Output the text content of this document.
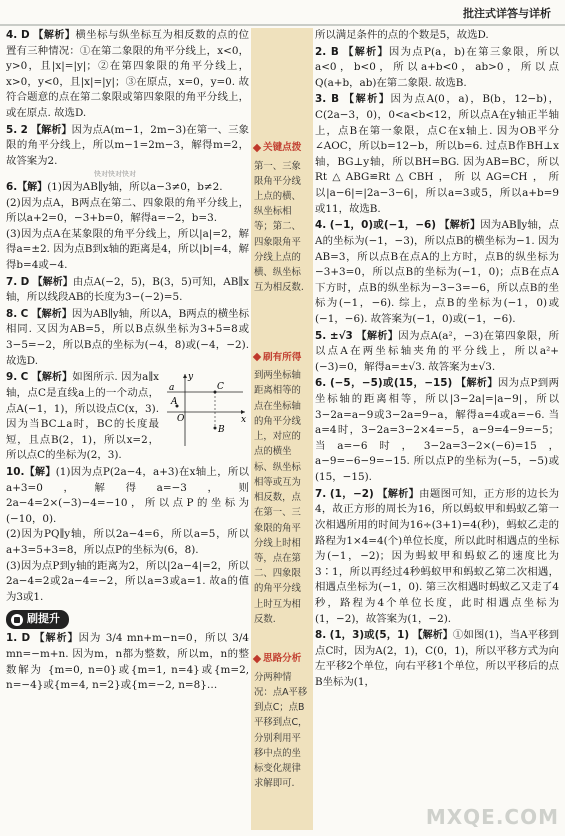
批注式详答与详析

4. D 【解析】横坐标与纵坐标互为相反数的点的位置有三种情况：①在第二象限的角平分线上，x<0，y>0，且|x|=|y|；②在第四象限的角平分线上，x>0，y<0，且|x|=|y|；③在原点，x=0，y=0. 故符合题意的点在第二象限或第四象限的角平分线上，或在原点. 故选D.

5. 2 【解析】因为点A(m−1，2m−3)在第一、三象限的角平分线上，所以m−1=2m−3，解得m=2，故答案为2.

快对快对快对

6.【解】(1)因为AB∥y轴，所以a−3≠0，b≠2.

(2)因为点A，B两点在第二、四象限的角平分线上，所以a+2=0，−3+b=0，解得a=−2，b=3.

(3)因为点A在某象限的角平分线上，所以|a|=2，解得a=±2. 因为点B到x轴的距离是4，所以|b|=4，解得b=4或−4.

7. D 【解析】由点A(−2，5)，B(3，5)可知，AB∥x轴，所以线段AB的长度为3−(−2)=5.

8. C 【解析】因为AB∥y轴，所以A，B两点的横坐标相同. 又因为AB=5，所以B点纵坐标为3+5=8或3−5=−2，所以B点的坐标为(−4，8)或(−4，−2). 故选D.

a	C
A
B
O	x
y

9. C 【解析】如图所示. 因为a∥x轴，点C是直线a上的一个动点，点A(−1，1)，所以设点C(x，3). 因为当BC⊥a时，BC的长度最短，且点B(2，1)，所以x=2，所以点C的坐标为(2，3).

10.【解】(1)因为点P(2a−4，a+3)在x轴上，所以a+3=0，解得a=−3，则2a−4=2×(−3)−4=−10，所以点P的坐标为(−10，0).

(2)因为PQ∥y轴，所以2a−4=6，所以a=5，所以a+3=5+3=8，所以点P的坐标为(6，8).

(3)因为点P到y轴的距离为2，所以|2a−4|=2，所以2a−4=2或2a−4=−2，所以a=3或a=1. 故a的值为3或1.

刷提升

1. D 【解析】因为 3/4 mn+m−n=0，所以 3/4 mn=−m+n. 因为m，n都为整数，所以m，n的整数解为 {m=0, n=0}或{m=1, n=4}或{m=2, n=−4}或{m=4, n=2}或{m=−2, n=8}…

关键点拨
第一、三象限角平分线上点的横、纵坐标相等；第二、四象限角平分线上点的横、纵坐标互为相反数.
刷有所得
到两坐标轴距离相等的点在坐标轴的角平分线上，对应的点的横坐标、纵坐标相等或互为相反数，点在第一、三象限的角平分线上时相等，点在第二、四象限的角平分线上时互为相反数.
思路分析
分两种情况：点A平移到点C；点B平移到点C，分别利用平移中点的坐标变化规律求解即可.

所以满足条件的点的个数是5，故选D.

2. B 【解析】因为点P(a，b)在第三象限，所以a<0，b<0，所以a+b<0，ab>0，所以点Q(a+b，ab)在第二象限. 故选B.

3. B 【解析】因为点A(0，a)，B(b，12−b)，C(2a−3，0)，0<a<b<12，所以点A在y轴正半轴上，点B在第一象限，点C在x轴上. 因为OB平分∠AOC，所以b=12−b，所以b=6. 过点B作BH⊥x轴，BG⊥y轴，所以BH=BG. 因为AB=BC，所以Rt△ABG≌Rt△CBH，所以AG=CH，所以|a−6|=|2a−3−6|，所以a=3或5，所以a+b=9或11，故选B.

4. (−1，0)或(−1，−6) 【解析】因为AB∥y轴，点A的坐标为(−1，−3)，所以点B的横坐标为−1. 因为AB=3，所以点B在点A的上方时，点B的纵坐标为−3+3=0，所以点B的坐标为(−1，0)；点B在点A下方时，点B的纵坐标为−3−3=−6，所以点B的坐标为(−1，−6). 综上，点B的坐标为(−1，0)或(−1，−6). 故答案为(−1，0)或(−1，−6).

5. ±√3 【解析】因为点A(a²，−3)在第四象限，所以点A在两坐标轴夹角的平分线上，所以a²+(−3)=0，解得a=±√3. 故答案为±√3.

6. (−5，−5)或(15，−15) 【解析】因为点P到两坐标轴的距离相等，所以|3−2a|=|a−9|，所以3−2a=a−9或3−2a=9−a，解得a=4或a=−6. 当a=4时，3−2a=3−2×4=−5，a−9=4−9=−5；当a=−6时，3−2a=3−2×(−6)=15，a−9=−6−9=−15. 所以点P的坐标为(−5，−5)或(15，−15).

7. (1，−2) 【解析】由题图可知，正方形的边长为4，故正方形的周长为16，所以蚂蚁甲和蚂蚁乙第一次相遇所用的时间为16÷(3+1)=4(秒)，蚂蚁乙走的路程为1×4=4(个)单位长度，所以此时相遇点的坐标为(−1，−2)；因为蚂蚁甲和蚂蚁乙的速度比为3∶1，所以再经过4秒蚂蚁甲和蚂蚁乙第二次相遇，相遇点坐标为(−1，0). 第三次相遇时蚂蚁乙又走了4秒，路程为4个单位长度，此时相遇点坐标为(1，−2)，故答案为(1，−2).

8. (1，3)或(5，1) 【解析】①如图(1)，当A平移到点C时，因为A(2，1)，C(0，1)，所以平移方式为向左平移2个单位，向右平移1个单位，所以平移后的点B坐标为(1，

MXQE.COM
